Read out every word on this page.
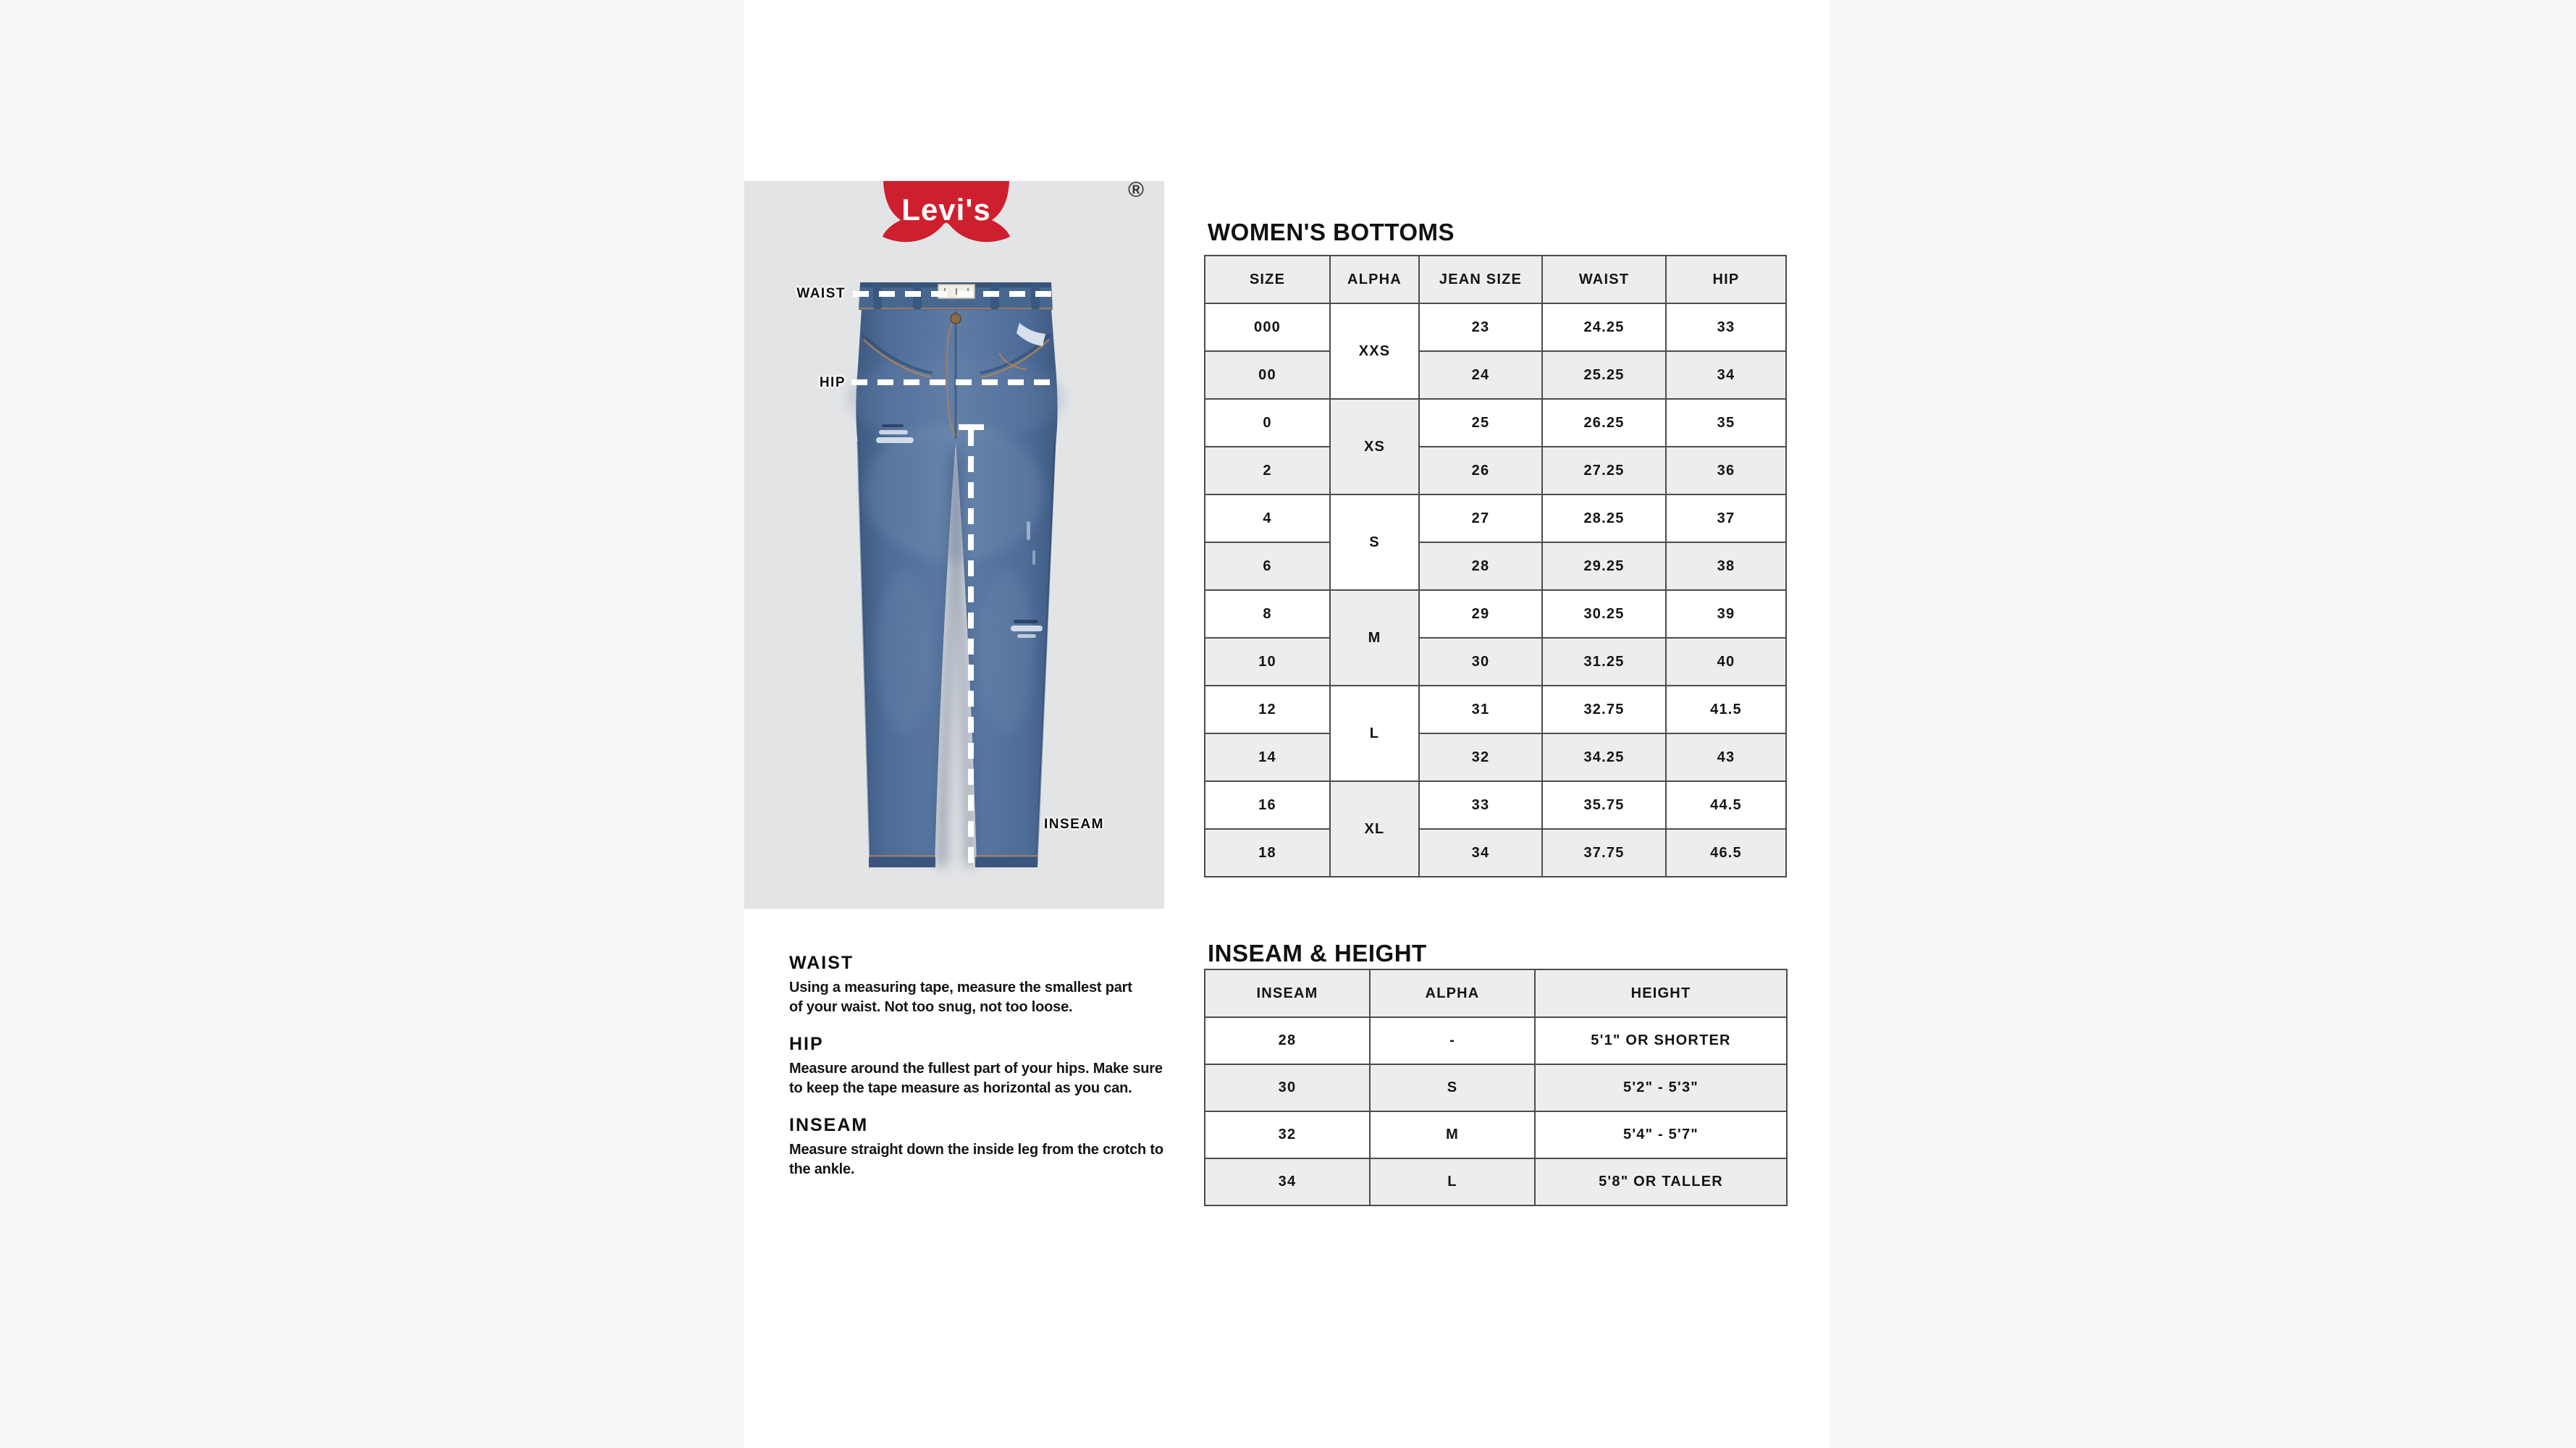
Levi's
®
WAIST
HIP
INSEAM
WOMEN'S BOTTOMS
SIZE	ALPHA	JEAN SIZE	WAIST	HIP
000	XXS	23	24.25	33
00		24	25.25	34
0	XS	25	26.25	35
2		26	27.25	36
4	S	27	28.25	37
6		28	29.25	38
8	M	29	30.25	39
10		30	31.25	40
12	L	31	32.75	41.5
14		32	34.25	43
16	XL	33	35.75	44.5
18		34	37.75	46.5
INSEAM & HEIGHT
INSEAM	ALPHA	HEIGHT
28	-	5'1" OR SHORTER
30	S	5'2" - 5'3"
32	M	5'4" - 5'7"
34	L	5'8" OR TALLER
WAIST

Using a measuring tape, measure the smallest part

of your waist. Not too snug, not too loose.

HIP

Measure around the fullest part of your hips. Make sure

to keep the tape measure as horizontal as you can.

INSEAM

Measure straight down the inside leg from the crotch to

the ankle.
